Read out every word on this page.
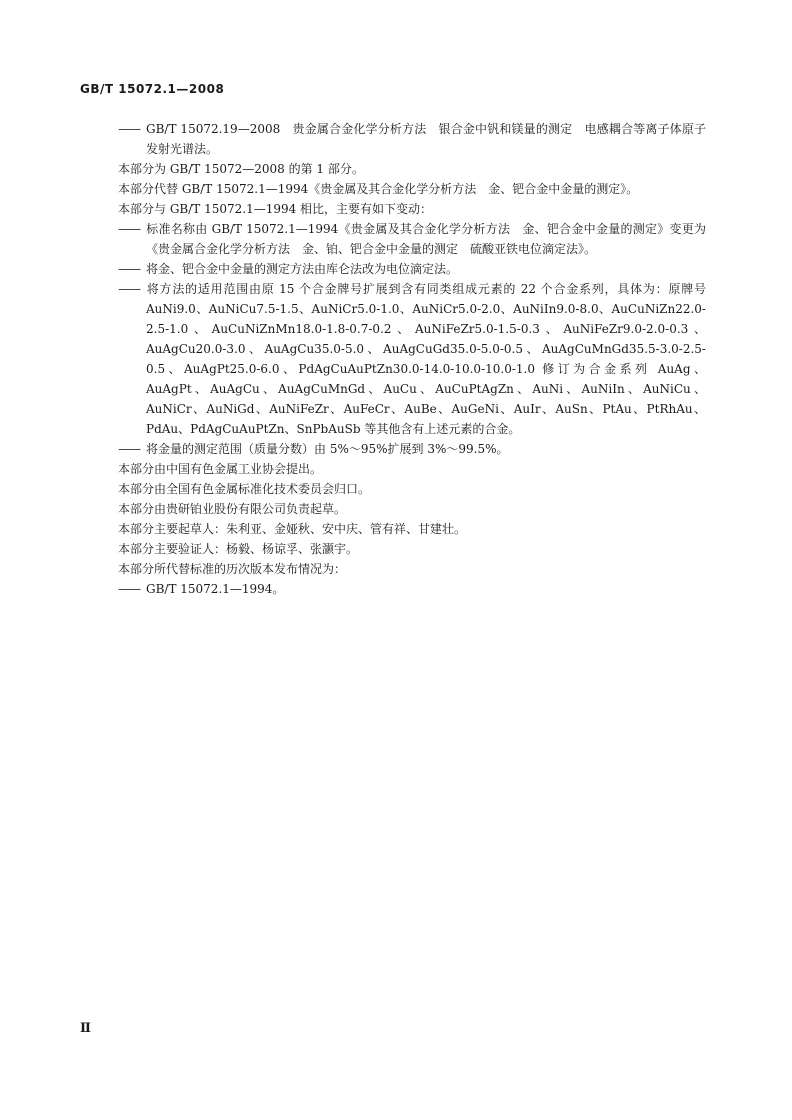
GB/T 15072.1—2008

—— GB/T 15072.19—2008　贵金属合金化学分析方法　银合金中钒和镁量的测定　电感耦合等离子体原子发射光谱法。

本部分为 GB/T 15072—2008 的第 1 部分。

本部分代替 GB/T 15072.1—1994《贵金属及其合金化学分析方法　金、钯合金中金量的测定》。

本部分与 GB/T 15072.1—1994 相比，主要有如下变动：

—— 标准名称由 GB/T 15072.1—1994《贵金属及其合金化学分析方法　金、钯合金中金量的测定》变更为《贵金属合金化学分析方法　金、铂、钯合金中金量的测定　硫酸亚铁电位滴定法》。

—— 将金、钯合金中金量的测定方法由库仑法改为电位滴定法。

—— 将方法的适用范围由原 15 个合金牌号扩展到含有同类组成元素的 22 个合金系列，具体为：原牌号 AuNi9.0、AuNiCu7.5-1.5、AuNiCr5.0-1.0、AuNiCr5.0-2.0、AuNiIn9.0-8.0、AuCuNiZn22.0-2.5-1.0、AuCuNiZnMn18.0-1.8-0.7-0.2、AuNiFeZr5.0-1.5-0.3、AuNiFeZr9.0-2.0-0.3、AuAgCu20.0-3.0、AuAgCu35.0-5.0、AuAgCuGd35.0-5.0-0.5、AuAgCuMnGd35.5-3.0-2.5-0.5、AuAgPt25.0-6.0、PdAgCuAuPtZn30.0-14.0-10.0-10.0-1.0 修订为合金系列 AuAg、AuAgPt、AuAgCu、AuAgCuMnGd、AuCu、AuCuPtAgZn、AuNi、AuNiIn、AuNiCu、AuNiCr、AuNiGd、AuNiFeZr、AuFeCr、AuBe、AuGeNi、AuIr、AuSn、PtAu、PtRhAu、PdAu、PdAgCuAuPtZn、SnPbAuSb 等其他含有上述元素的合金。

—— 将金量的测定范围（质量分数）由 5%～95%扩展到 3%～99.5%。

本部分由中国有色金属工业协会提出。

本部分由全国有色金属标准化技术委员会归口。

本部分由贵研铂业股份有限公司负责起草。

本部分主要起草人：朱利亚、金娅秋、安中庆、管有祥、甘建壮。

本部分主要验证人：杨毅、杨谅孚、张灏宇。

本部分所代替标准的历次版本发布情况为：

—— GB/T 15072.1—1994。

Ⅱ
